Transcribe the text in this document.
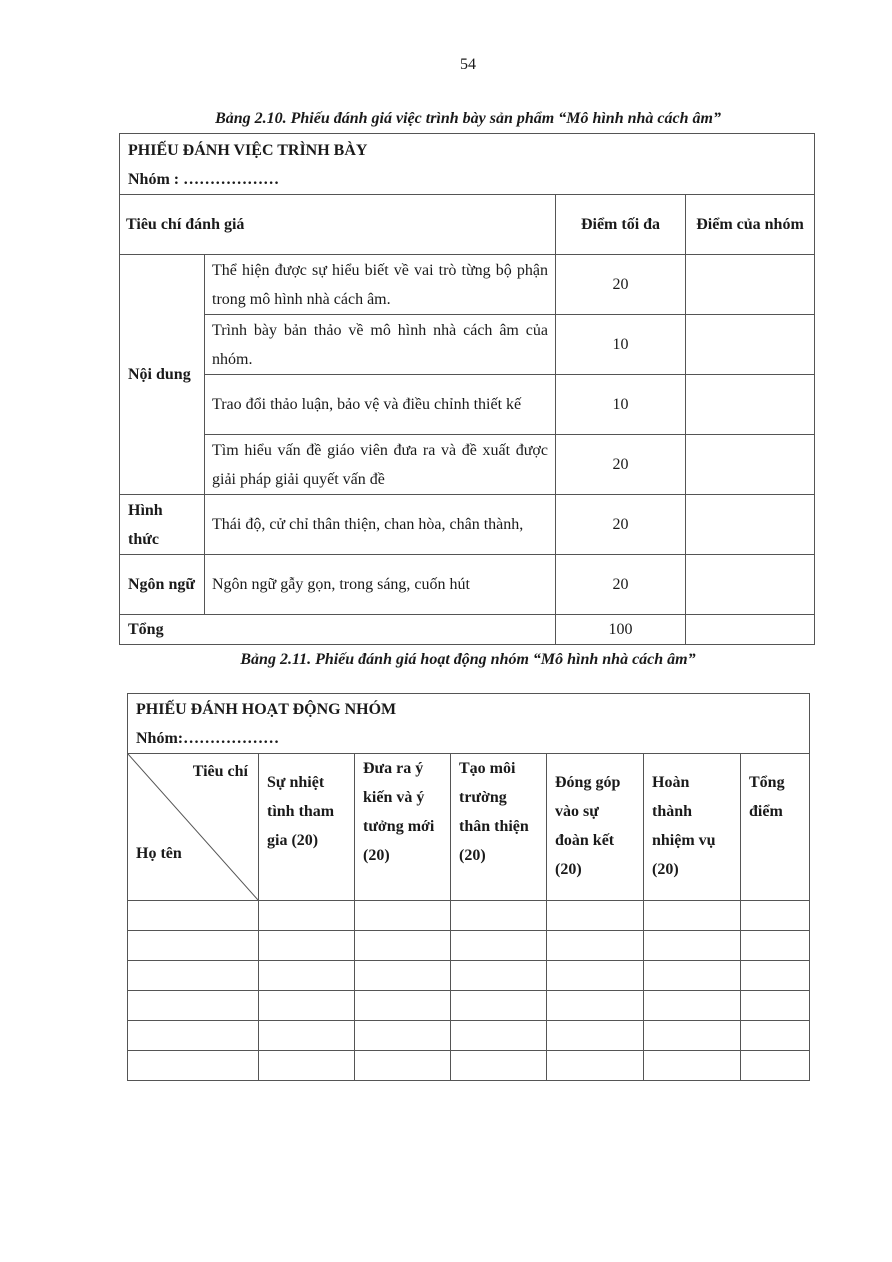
54
Bảng 2.10. Phiếu đánh giá việc trình bày sản phẩm “Mô hình nhà cách âm”
PHIẾU ĐÁNH VIỆC TRÌNH BÀY
Nhóm : ………………			

Tiêu chí đánh giá		Điểm tối đa	Điểm của nhóm
Nội dung	Thể hiện được sự hiểu biết về vai trò từng bộ phận trong mô hình nhà cách âm.	20	
	Trình bày bản thảo về mô hình nhà cách âm của nhóm.	10	
	Trao đổi thảo luận, bảo vệ và điều chỉnh thiết kế	10	
	Tìm hiểu vấn đề giáo viên đưa ra và đề xuất được giải pháp giải quyết vấn đề	20	
Hình thức	Thái độ, cử chỉ thân thiện, chan hòa, chân thành,	20	
Ngôn ngữ	Ngôn ngữ gẫy gọn, trong sáng, cuốn hút	20	
Tổng		100	
Bảng 2.11. Phiếu đánh giá hoạt động nhóm “Mô hình nhà cách âm”
PHIẾU ĐÁNH HOẠT ĐỘNG NHÓM
Nhóm:………………						

Tiêu chí
Họ tên	Sự nhiệt tình tham gia (20)	Đưa ra ý kiến và ý tưởng mới (20)	Tạo môi trường thân thiện (20)	Đóng góp vào sự đoàn kết (20)	Hoàn thành nhiệm vụ (20)	Tổng điểm
